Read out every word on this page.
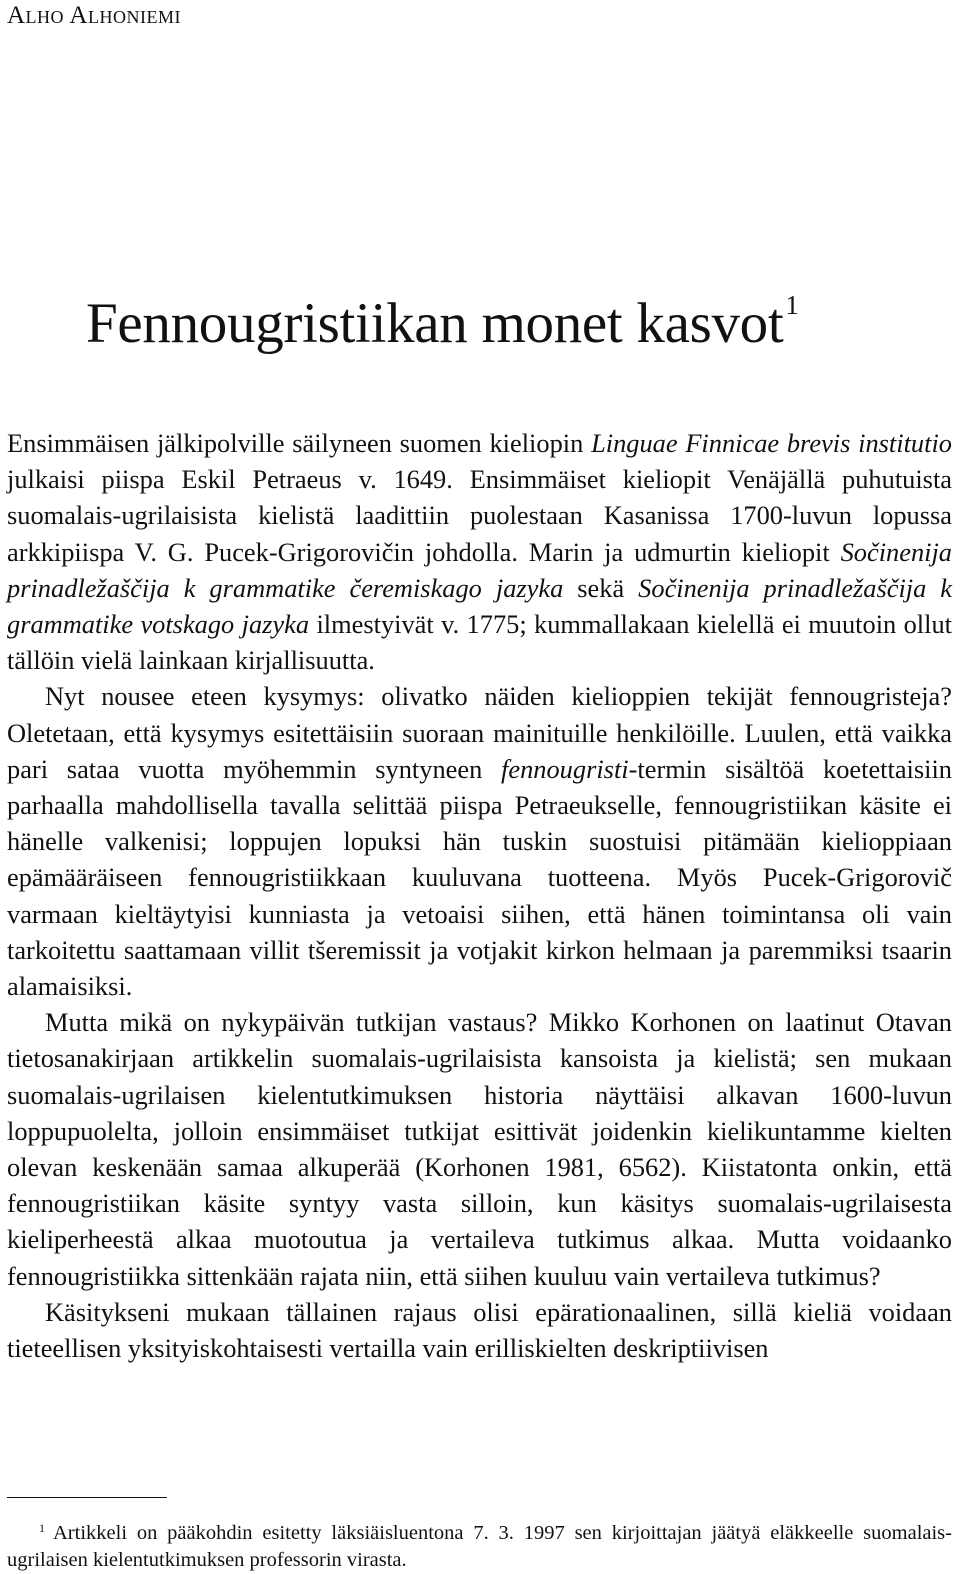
Alho Alhoniemi
Fennougristiikan monet kasvot$^1$

Ensimmäisen jälkipolville säilyneen suomen kieliopin Linguae Finnicae brevis institutio julkaisi piispa Eskil Petraeus v. 1649. Ensimmäiset kieliopit Venäjällä puhutuista suomalais-ugrilaisista kielistä laadittiin puolestaan Kasanissa 1700-luvun lopussa arkkipiispa V. G. Pucek-Grigorovičin johdolla. Marin ja udmurtin kieliopit Sočinenija prinadležaščija k grammatike čeremiskago jazyka sekä Sočinenija prinadležaščija k grammatike votskago jazyka ilmestyivät v. 1775; kummallakaan kielellä ei muutoin ollut tällöin vielä lainkaan kirjallisuutta.

Nyt nousee eteen kysymys: olivatko näiden kielioppien tekijät fennougristeja? Oletetaan, että kysymys esitettäisiin suoraan mainituille henkilöille. Luulen, että vaikka pari sataa vuotta myöhemmin syntyneen fennougristi-termin sisältöä koetettaisiin parhaalla mahdollisella tavalla selittää piispa Petraeukselle, fennougristiikan käsite ei hänelle valkenisi; loppujen lopuksi hän tuskin suostuisi pitämään kielioppiaan epämääräiseen fennougristiikkaan kuuluvana tuotteena. Myös Pucek-Grigorovič varmaan kieltäytyisi kunniasta ja vetoaisi siihen, että hänen toimintansa oli vain tarkoitettu saattamaan villit tšeremissit ja votjakit kirkon helmaan ja paremmiksi tsaarin alamaisiksi.

Mutta mikä on nykypäivän tutkijan vastaus? Mikko Korhonen on laatinut Otavan tietosanakirjaan artikkelin suomalais-ugrilaisista kansoista ja kielistä; sen mukaan suomalais-ugrilaisen kielentutkimuksen historia näyttäisi alkavan 1600-luvun loppupuolelta, jolloin ensimmäiset tutkijat esittivät joidenkin kielikuntamme kielten olevan keskenään samaa alkuperää (Korhonen 1981, 6562). Kiistatonta onkin, että fennougristiikan käsite syntyy vasta silloin, kun käsitys suomalais-ugrilaisesta kieliperheestä alkaa muotoutua ja vertaileva tutkimus alkaa. Mutta voidaanko fennougristiikka sittenkään rajata niin, että siihen kuuluu vain vertaileva tutkimus?

Käsitykseni mukaan tällainen rajaus olisi epärationaalinen, sillä kieliä voidaan tieteellisen yksityiskohtaisesti vertailla vain erilliskielten deskriptiivisen

$^1$ Artikkeli on pääkohdin esitetty läksiäisluentona 7. 3. 1997 sen kirjoittajan jäätyä eläkkeelle suomalais-ugrilaisen kielentutkimuksen professorin virasta.
